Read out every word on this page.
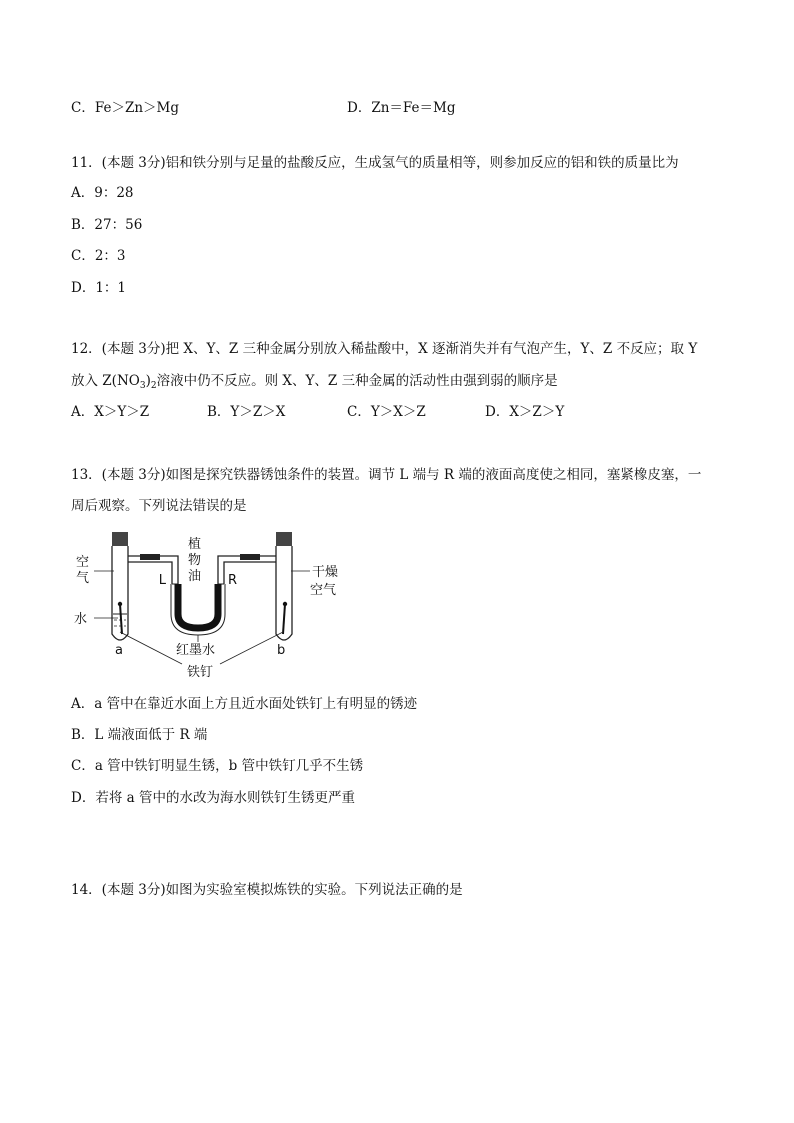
C．Fe＞Zn＞Mg	D．Zn＝Fe＝Mg
11．(本题 3分)铝和铁分别与足量的盐酸反应，生成氢气的质量相等，则参加反应的铝和铁的质量比为
A．9：28
B．27：56
C．2：3
D．1：1
12．(本题 3分)把 X、Y、Z 三种金属分别放入稀盐酸中，X 逐渐消失并有气泡产生，Y、Z 不反应；取 Y
放入 $Z(NO_3)_2$溶液中仍不反应。则 X、Y、Z 三种金属的活动性由强到弱的顺序是
A．X＞Y＞Z	B．Y＞Z＞X	C．Y＞X＞Z	D．X＞Z＞Y
13．(本题 3分)如图是探究铁器锈蚀条件的装置。调节 L 端与 R 端的液面高度使之相同，塞紧橡皮塞，一
周后观察。下列说法错误的是
空
气
水
植
物
油
L	R
干燥
空气
红墨水
a	b
铁钉
A．a 管中在靠近水面上方且近水面处铁钉上有明显的锈迹
B．L 端液面低于 R 端
C．a 管中铁钉明显生锈，b 管中铁钉几乎不生锈
D．若将 a 管中的水改为海水则铁钉生锈更严重
14．(本题 3分)如图为实验室模拟炼铁的实验。下列说法正确的是
